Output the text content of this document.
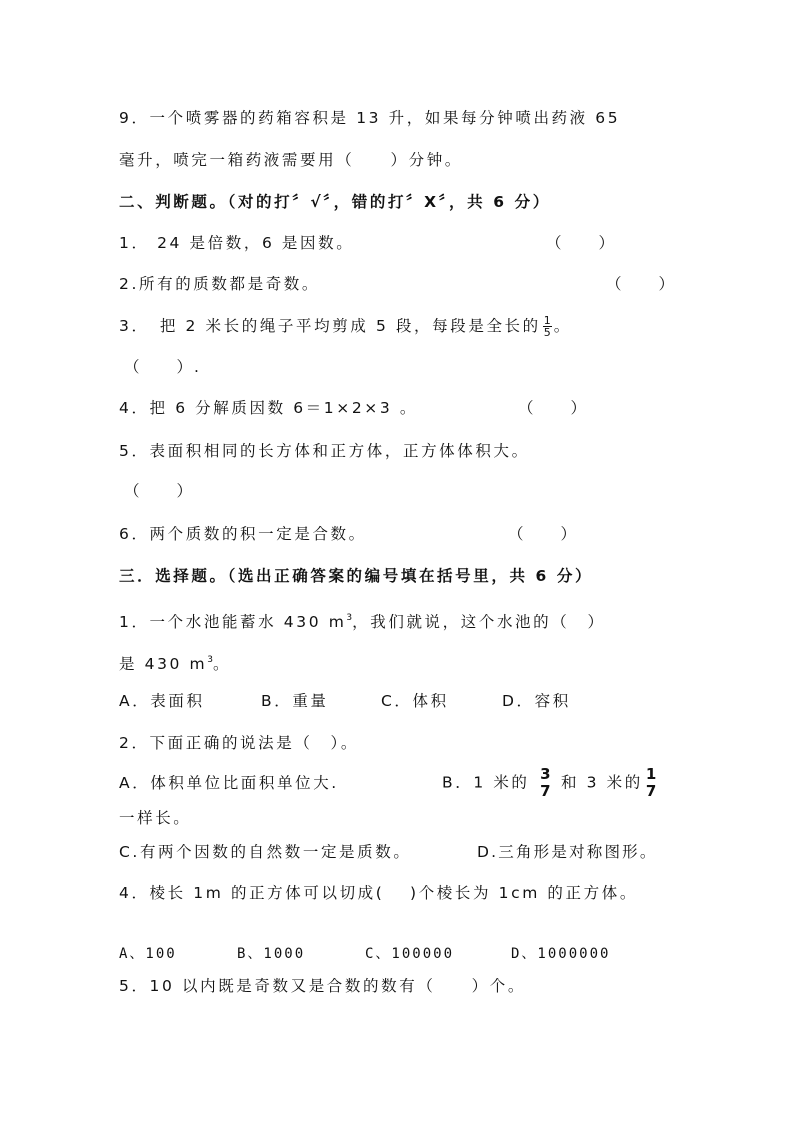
9．一个喷雾器的药箱容积是 13 升，如果每分钟喷出药液 65
毫升，喷完一箱药液需要用（　　）分钟。
二、判断题。（对的打〞√〞，错的打〞X〞，共 6 分）
1． 24 是倍数，6 是因数。	（　　）
2.所有的质数都是奇数。	（　　）
3．　把 2 米长的绳子平均剪成 5 段，每段是全长的 $\frac{1}{5}$ 。
（　　）.
4．把 6 分解质因数 6＝1×2×3 。	（　　）
5．表面积相同的长方体和正方体，正方体体积大。
（　　）
6．两个质数的积一定是合数。	（　　）
三．选择题。（选出正确答案的编号填在括号里，共 6 分）
1．一个水池能蓄水 430 $m^3$，我们就说，这个水池的（　）
是 430 $m^3$。
A．表面积	B．重量	C．体积	D．容积
2．下面正确的说法是（　）。
A．体积单位比面积单位大.	B．1 米的 3
7 和 3 米的 1
7
一样长。
C.有两个因数的自然数一定是质数。	D.三角形是对称图形。
4．棱长 1m 的正方体可以切成(　 )个棱长为 1cm 的正方体。
A、100	B、1000	C、100000	D、1000000
5．10 以内既是奇数又是合数的数有（　　）个。
